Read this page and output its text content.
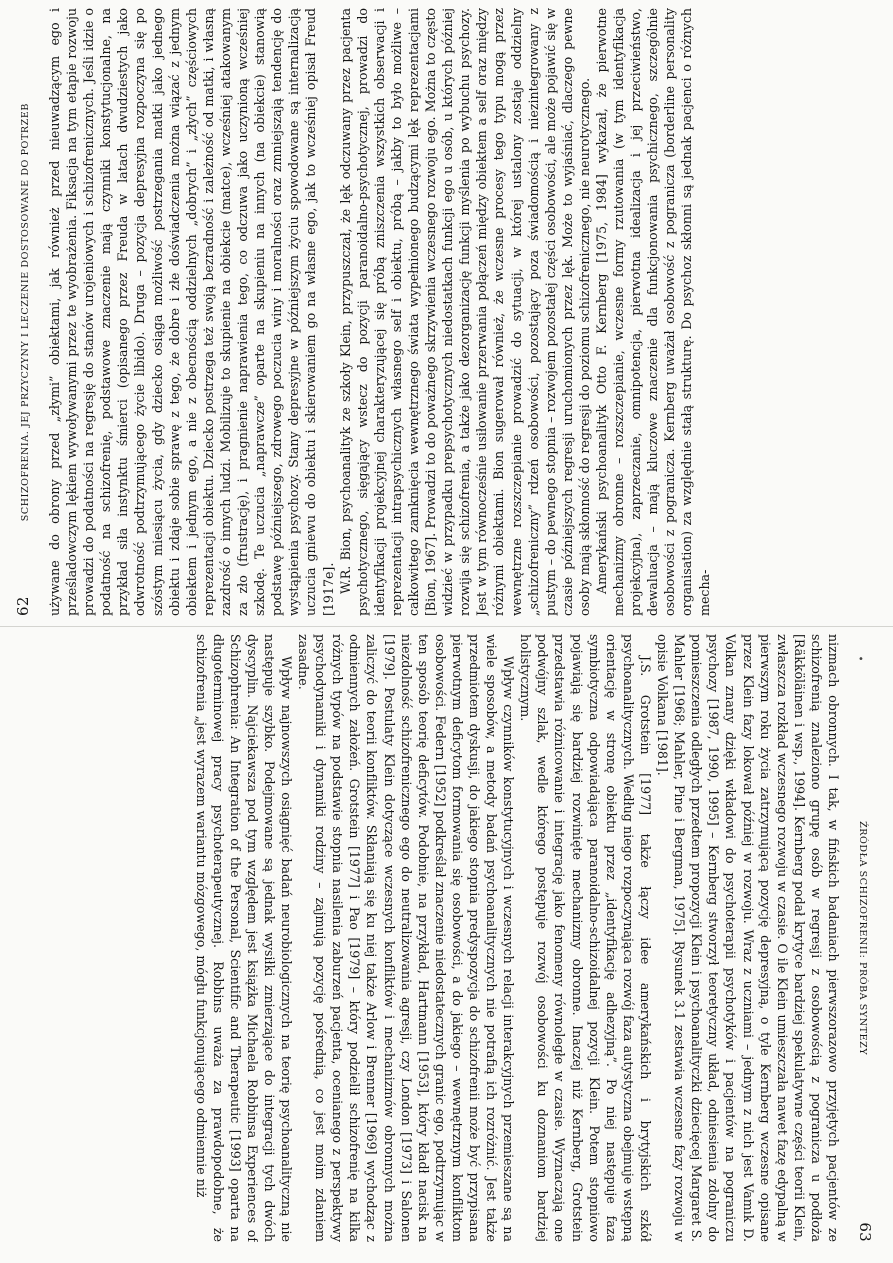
62
SCHIZOFRENIA. JEJ PRZYCZYNY I LECZENIE DOSTOSOWANE DO POTRZEB używane do obrony przed „złymi” obiektami, jak również przed nieuwadzącym ego i prześladowczym lękiem wywoływanymi przez te wyobrażenia. Fiksacja na tym etapie rozwoju prowadzi do podatności na regresję do stanów urojeniowych i schizofrenicznych. Jeśli idzie o podatność na schizofrenię, podstawowe znaczenie mają czynniki konstytucjonalne, na przykład siła instynktu śmierci (opisanego przez Freuda w latach dwudziestych jako odwrotność podtrzymującego życie libido). Druga – pozycja depresyjna rozpoczyna się po szóstym miesiącu życia, gdy dziecko osiąga możliwość postrzegania matki jako jednego obiektu i zdaje sobie sprawę z tego, że dobre i złe doświadczenia można wiązać z jednym obiektem i jednym ego, a nie z obecnością oddzielnych „dobrych” i „złych” częściowych reprezentacji obiektu. Dziecko postrzega też swoją bezradność i zależność od matki, i własną zazdrość o innych ludzi. Mobilizuje to skupienie na obiekcie (matce), wcześniej atakowanym za zło (frustrację), i pragnienie naprawienia tego, co odczuwa jako uczynioną wcześniej szkodę. Te uczucia „naprawcze” oparte na skupieniu na innych (na obiekcie) stanowią podstawę późniejszego, zdrowego poczucia winy i moralności oraz zmniejszają tendencję do wystąpienia psychozy. Stany depresyjne w późniejszym życiu spowodowane są internalizacją uczucia gniewu do obiektu i skierowaniem go na własne ego, jak to wcześniej opisał Freud [1917e]. W.R. Bion, psychoanalityk ze szkoły Klein, przypuszczał, że lęk odczuwany przez pacjenta psychotycznego, sięgający wstecz do pozycji paranoidalno-psychotycznej, prowadzi do identyfikacji projekcyjnej charakteryzującej się próbą zniszczenia wszystkich obserwacji i reprezentacji intrapsychicznych własnego self i obiektu, próbą – jakby to było możliwe – całkowitego zamknięcia wewnętrznego świata wypełnionego budzącymi lęk reprezentacjami [Bion, 1967]. Prowadzi to do poważnego skrzywienia wczesnego rozwoju ego. Można to często widzieć w przypadku prepsychotycznych niedostatkach funkcji ego u osób, u których później rozwija się schizofrenia, a także jako dezorganizację funkcji myślenia po wybuchu psychozy. Jest w tym równocześnie usiłowanie przerwania połączeń między obiektem a self oraz między różnymi obiektami. Bion sugerował również, że wczesne procesy tego typu mogą przez wewnętrzne rozszczepianie prowadzić do sytuacji, w której ustalony zostaje oddzielny „schizofreniczny” rdzeń osobowości, pozostający poza świadomością i niezintegrowany z pustym – do pewnego stopnia – rozwojem pozostałej części osobowości, ale może pojawić się w czasie późniejszych regresji uruchomionych przez lęk. Może to wyjaśniać, dlaczego pewne osoby mają skłonność do regresji do poziomu schizofrenicznego, nie neurotycznego. Amerykański psychoanalityk Otto F. Kernberg [1975, 1984] wykazał, że pierwotne mechanizmy obronne – rozszczepianie, wczesne formy rzutowania (w tym identyfikacja projekcyjna), zaprzeczanie, omnipotencja, pierwotna idealizacja i jej przeciwieństwo, dewaluacja – mają kluczowe znaczenie dla funkcjonowania psychicznego, szczególnie osobowości z pogranicza. Kernberg uważał osobowość z pogranicza (borderline personality organisation) za względnie stałą strukturę. Do psychoz skłonni są jednak pacjenci o różnych mecha-

•
ŹRÓDŁA SCHIZOFRENII: PRÓBA SYNTEZY
63

nizmach obronnych. I tak, w fińskich badaniach pierwszorazowo przyjętych pacjentów ze schizofrenią znaleziono grupę osób w regresji z osobowością z pogranicza u podłoża [Räkköläinen i wsp., 1994]. Kernberg podał krytyce bardziej spekulatywne części teorii Klein, zwłaszcza rozkład wczesnego rozwoju w czasie. O ile Klein umieszczała nawet fazę edypalną w pierwszym roku życia zatrzymującą pozycję depresyjną, o tyle Kernberg wczesne opisane przez Klein fazy lokował później w rozwoju. Wraz z uczniami – jednym z nich jest Vamık D. Volkan znany dzięki wkładowi do psychoterapii psychotyków i pacjentów na pograniczu psychozy [1987, 1990, 1995] – Kernberg stworzył teoretyczny układ, odniesienia zdolny do pomieszczenia odległych przedtem propozycji Klein i psychoanalityczki dziecięcej Margaret S. Mahler [1968; Mahler, Pine i Bergman, 1975]. Rysunek 3.1 zestawia wczesne fazy rozwoju w opisie Volkana [1981].

J.S. Grotstein [1977] także łączy idee amerykańskich i brytyjskich szkół psychoanalitycznych. Według niego rozpoczynająca rozwój faza autystyczna obejmuje wstępną orientację w stronę obiektu przez „identyfikację adhezyjną”. Po niej następuje faza symbiotyczna odpowiadająca paranoidalno-schizoidalnej pozycji Klein. Potem stopniowo pojawiają się bardziej rozwinięte mechanizmy obronne. Inaczej niż Kernberg, Grotstein przedstawia różnicowanie i integrację jako fenomeny równoległe w czasie. Wyznaczają one podwójny szlak, wedle którego postępuje rozwój osobowości ku doznaniom bardziej holistycznym.

Wpływ czynników konstytucyjnych i wczesnych relacji interakcyjnych przemieszane są na wiele sposobów, a metody badań psychoanalitycznych nie potrafią ich rozróżnić. Jest także przedmiotem dyskusji, do jakiego stopnia predyspozycja do schizofrenii może być przypisana pierwotnym deficytom formowania się osobowości, a do jakiego – wewnętrznym konfliktom osobowości. Federn [1952] podkreślał znaczenie niedostatecznych granic ego, podtrzymując w ten sposób teorię deficytów. Podobnie, na przykład, Hartmann [1953], który kładł nacisk na niezdolność schizofrenicznego ego do neutralizowania agresji, czy London [1973] i Salonen [1979]. Postulaty Klein dotyczące wczesnych konfliktów i mechanizmów obronnych można zaliczyć do teorii konfliktów. Skłaniają się ku niej także Arlow i Brenner [1969] wychodząc z odmiennych założeń. Grotstein [1977] i Pao [1979] – który podzielił schizofrenię na kilka różnych typów na podstawie stopnia nasilenia zaburzeń pacjenta, ocenianego z perspektywy psychodynamiki i dynamiki rodziny – zajmują pozycję pośrednią, co jest moim zdaniem zasadne.

Wpływ najnowszych osiągnięć badań neurobiologicznych na teorię psychoanalityczną nie następuje szybko. Podejmowane są jednak wysiłki zmierzające do integracji tych dwóch dyscyplin. Najciekawsza pod tym względem jest książka Michaela Robbinsa Experiences of Schizophrenia: An Integration of the Personal, Scientific and Therapeutic [1993] oparta na długoterminowej pracy psychoterapeutycznej. Robbins uważa za prawdopodobne, że schizofrenia „jest wyrazem wariantu mózgowego, mógłu funkcjonującego odmiennie niż
